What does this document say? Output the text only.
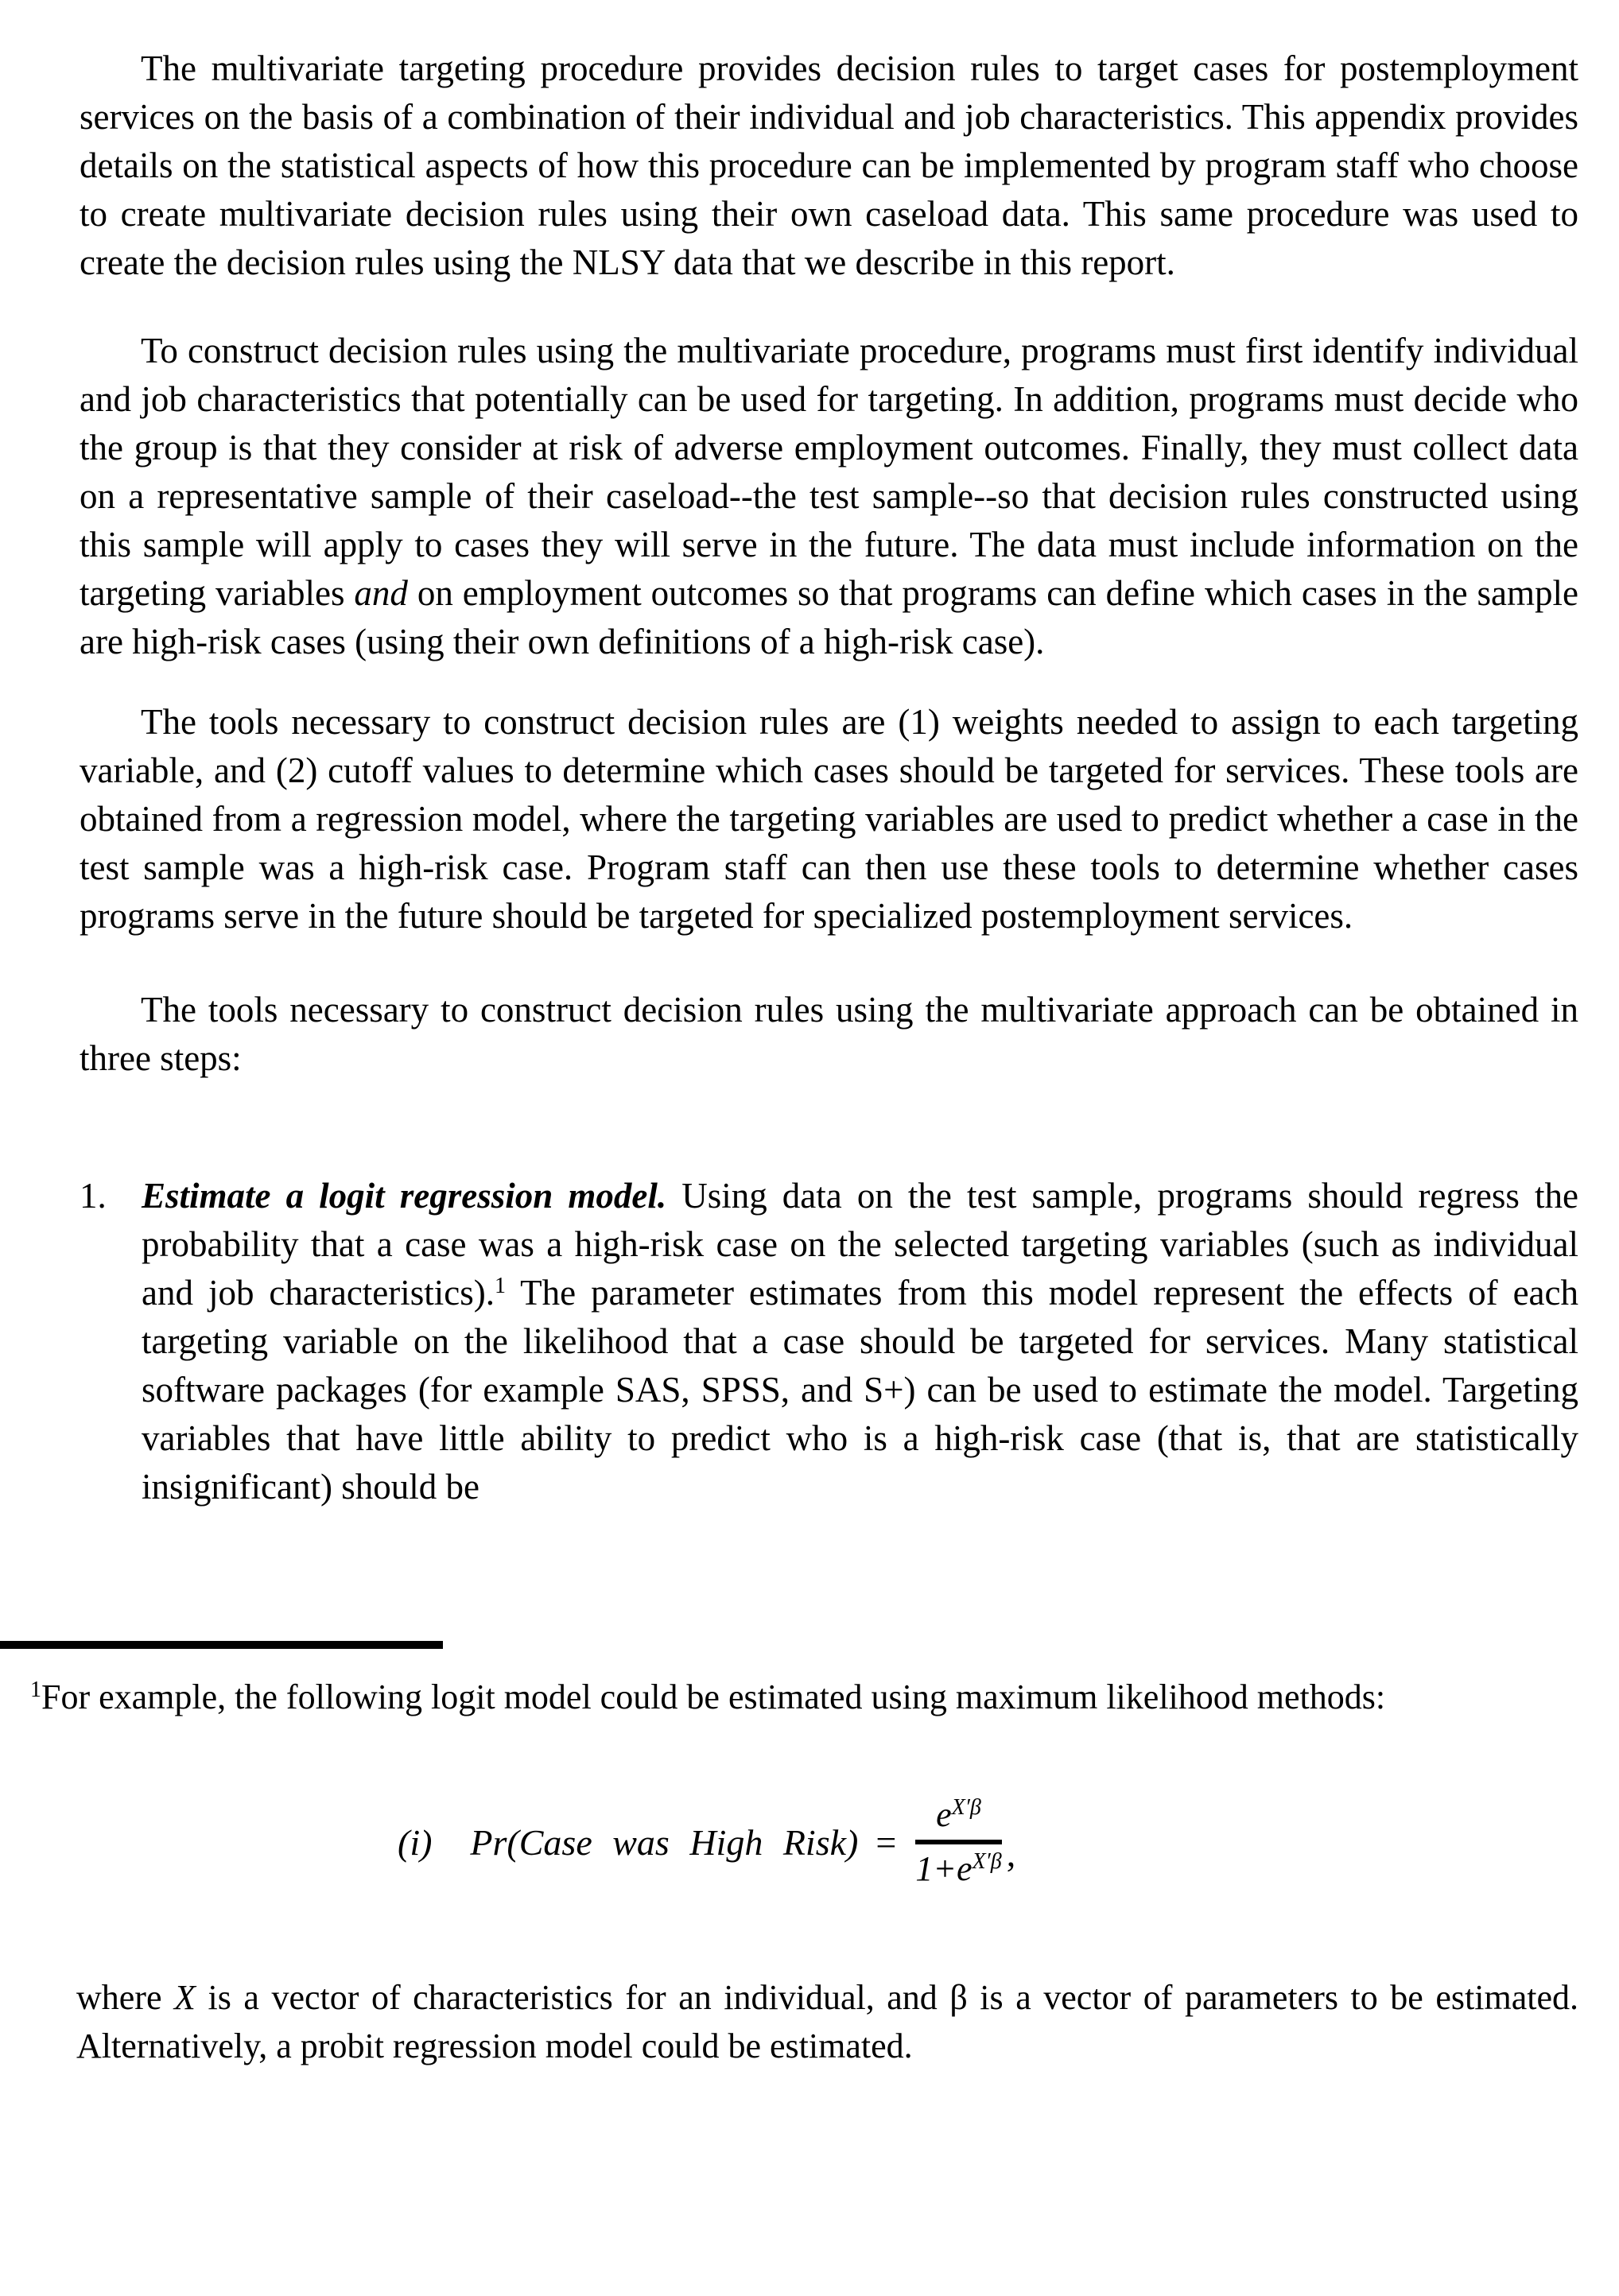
The multivariate targeting procedure provides decision rules to target cases for postemployment services on the basis of a combination of their individual and job characteristics. This appendix provides details on the statistical aspects of how this procedure can be implemented by program staff who choose to create multivariate decision rules using their own caseload data. This same procedure was used to create the decision rules using the NLSY data that we describe in this report.

To construct decision rules using the multivariate procedure, programs must first identify individual and job characteristics that potentially can be used for targeting. In addition, programs must decide who the group is that they consider at risk of adverse employment outcomes. Finally, they must collect data on a representative sample of their caseload--the test sample--so that decision rules constructed using this sample will apply to cases they will serve in the future. The data must include information on the targeting variables and on employment outcomes so that programs can define which cases in the sample are high-risk cases (using their own definitions of a high-risk case).

The tools necessary to construct decision rules are (1) weights needed to assign to each targeting variable, and (2) cutoff values to determine which cases should be targeted for services. These tools are obtained from a regression model, where the targeting variables are used to predict whether a case in the test sample was a high-risk case. Program staff can then use these tools to determine whether cases programs serve in the future should be targeted for specialized postemployment services.

The tools necessary to construct decision rules using the multivariate approach can be obtained in three steps:

1. Estimate a logit regression model. Using data on the test sample, programs should regress the probability that a case was a high-risk case on the selected targeting variables (such as individual and job characteristics).$^1$ The parameter estimates from this model represent the effects of each targeting variable on the likelihood that a case should be targeted for services. Many statistical software packages (for example SAS, SPSS, and S+) can be used to estimate the model. Targeting variables that have little ability to predict who is a high-risk case (that is, that are statistically insignificant) should be

$^1$For example, the following logit model could be estimated using maximum likelihood methods:

(i) Pr(Case was High Risk) =
$e^{X'\beta}$
$1+e^{X'\beta}$ ,

where X is a vector of characteristics for an individual, and β is a vector of parameters to be estimated. Alternatively, a probit regression model could be estimated.
